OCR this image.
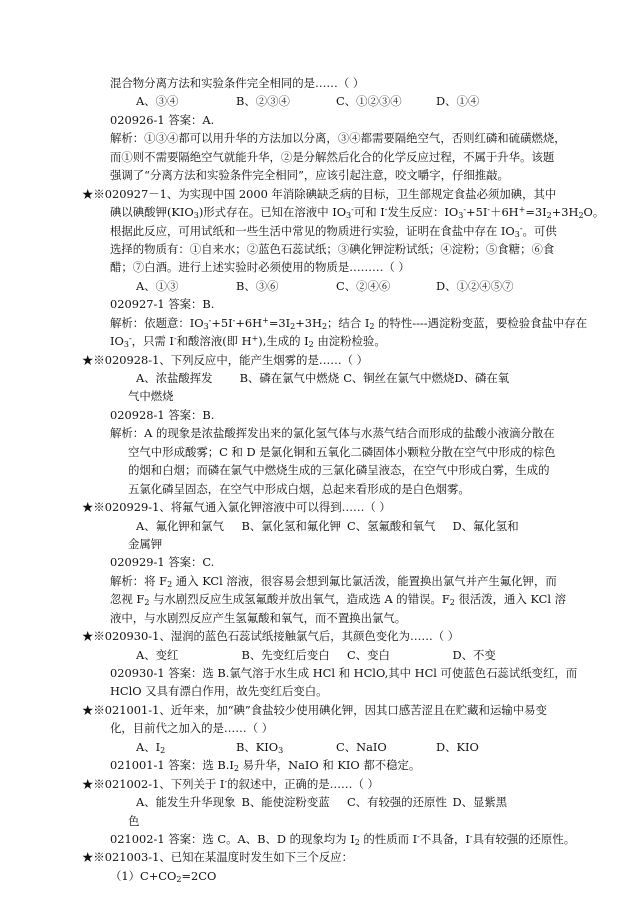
混合物分离方法和实验条件完全相同的是……（ ）
A、③④	B、②③④	C、①②③④	D、①④
020926-1 答案：A.
解析：①③④都可以用升华的方法加以分离，③④都需要隔绝空气，否则红磷和硫磺燃烧，
而①则不需要隔绝空气就能升华，②是分解然后化合的化学反应过程，不属于升华。该题
强调了“分离方法和实验条件完全相同”，应该引起注意，咬文嚼字，仔细推敲。
★※020927－1、为实现中国 2000 年消除碘缺乏病的目标，卫生部规定食盐必须加碘，其中
碘以碘酸钾$(KIO_3)$形式存在。已知在溶液中 $IO_3^-$可和 I-发生反应：$IO_3^-+5I^-+6H^+=3I_2+3H_2O$。
根据此反应，可用试纸和一些生活中常见的物质进行实验，证明在食盐中存在 $IO_3^-$。可供
选择的物质有：①自来水；②蓝色石蕊试纸；③碘化钾淀粉试纸；④淀粉；⑤食糖；⑥食
醋；⑦白酒。进行上述实验时必须使用的物质是………（ ）
A、①③	B、③⑥	C、②④⑥	D、①②④⑤⑦
020927-1 答案：B.
解析：依题意：$IO_3^-+5I^-+6H^+=3I_2+3H_2$；结合 $I_2$ 的特性----遇淀粉变蓝，要检验食盐中存在
$IO_3^-$，只需 I-和酸溶液(即 H+),生成的 $I_2$ 由淀粉检验。
★※020928-1、下列反应中，能产生烟雾的是……（ ）
A、浓盐酸挥发	B、磷在氯气中燃烧 C、铜丝在氯气中燃烧 D、磷在氧
气中燃烧
020928-1 答案：B.
解析：A 的现象是浓盐酸挥发出来的氯化氢气体与水蒸气结合而形成的盐酸小液滴分散在
空气中形成酸雾；C 和 D 是氯化铜和五氧化二磷固体小颗粒分散在空气中形成的棕色
的烟和白烟；而磷在氯气中燃烧生成的三氯化磷呈液态，在空气中形成白雾，生成的
五氯化磷呈固态，在空气中形成白烟，总起来看形成的是白色烟雾。
★※020929-1、将氟气通入氯化钾溶液中可以得到……（ ）
A、氟化钾和氯气	B、氯化氢和氟化钾 C、氢氟酸和氧气	D、氟化氢和
金属钾
020929-1 答案：C.
解析：将 $F_2$ 通入 KCl 溶液，很容易会想到氟比氯活泼，能置换出氯气并产生氟化钾，而
忽视 $F_2$ 与水剧烈反应生成氢氟酸并放出氧气，造成选 A 的错误。$F_2$ 很活泼，通入 KCl 溶
液中，与水剧烈反应产生氢氟酸和氧气，而不置换出氯气。
★※020930-1、湿润的蓝色石蕊试纸接触氯气后，其颜色变化为……（ ）
A、变红	B、先变红后变白	C、变白	D、不变
020930-1 答案：选 B.氯气溶于水生成 HCl 和 HClO,其中 HCl 可使蓝色石蕊试纸变红，而
HClO 又具有漂白作用，故先变红后变白。
★※021001-1、近年来，加“碘”食盐较少使用碘化钾，因其口感苦涩且在贮藏和运输中易变
化，目前代之加入的是……（ ）
A、$I_2$	B、$KIO_3$	C、NaIO	D、KIO
021001-1 答案：选 $B.I_2$ 易升华，NaIO 和 KIO 都不稳定。
★※021002-1、下列关于 I-的叙述中，正确的是……（ ）
A、能发生升华现象 B、能使淀粉变蓝	C、有较强的还原性 D、显紫黑
色
021002-1 答案：选 C。A、B、D 的现象均为 $I_2$ 的性质而 I-不具备，I-具有较强的还原性。
★※021003-1、已知在某温度时发生如下三个反应：
$(1)C+CO_2=2CO$
